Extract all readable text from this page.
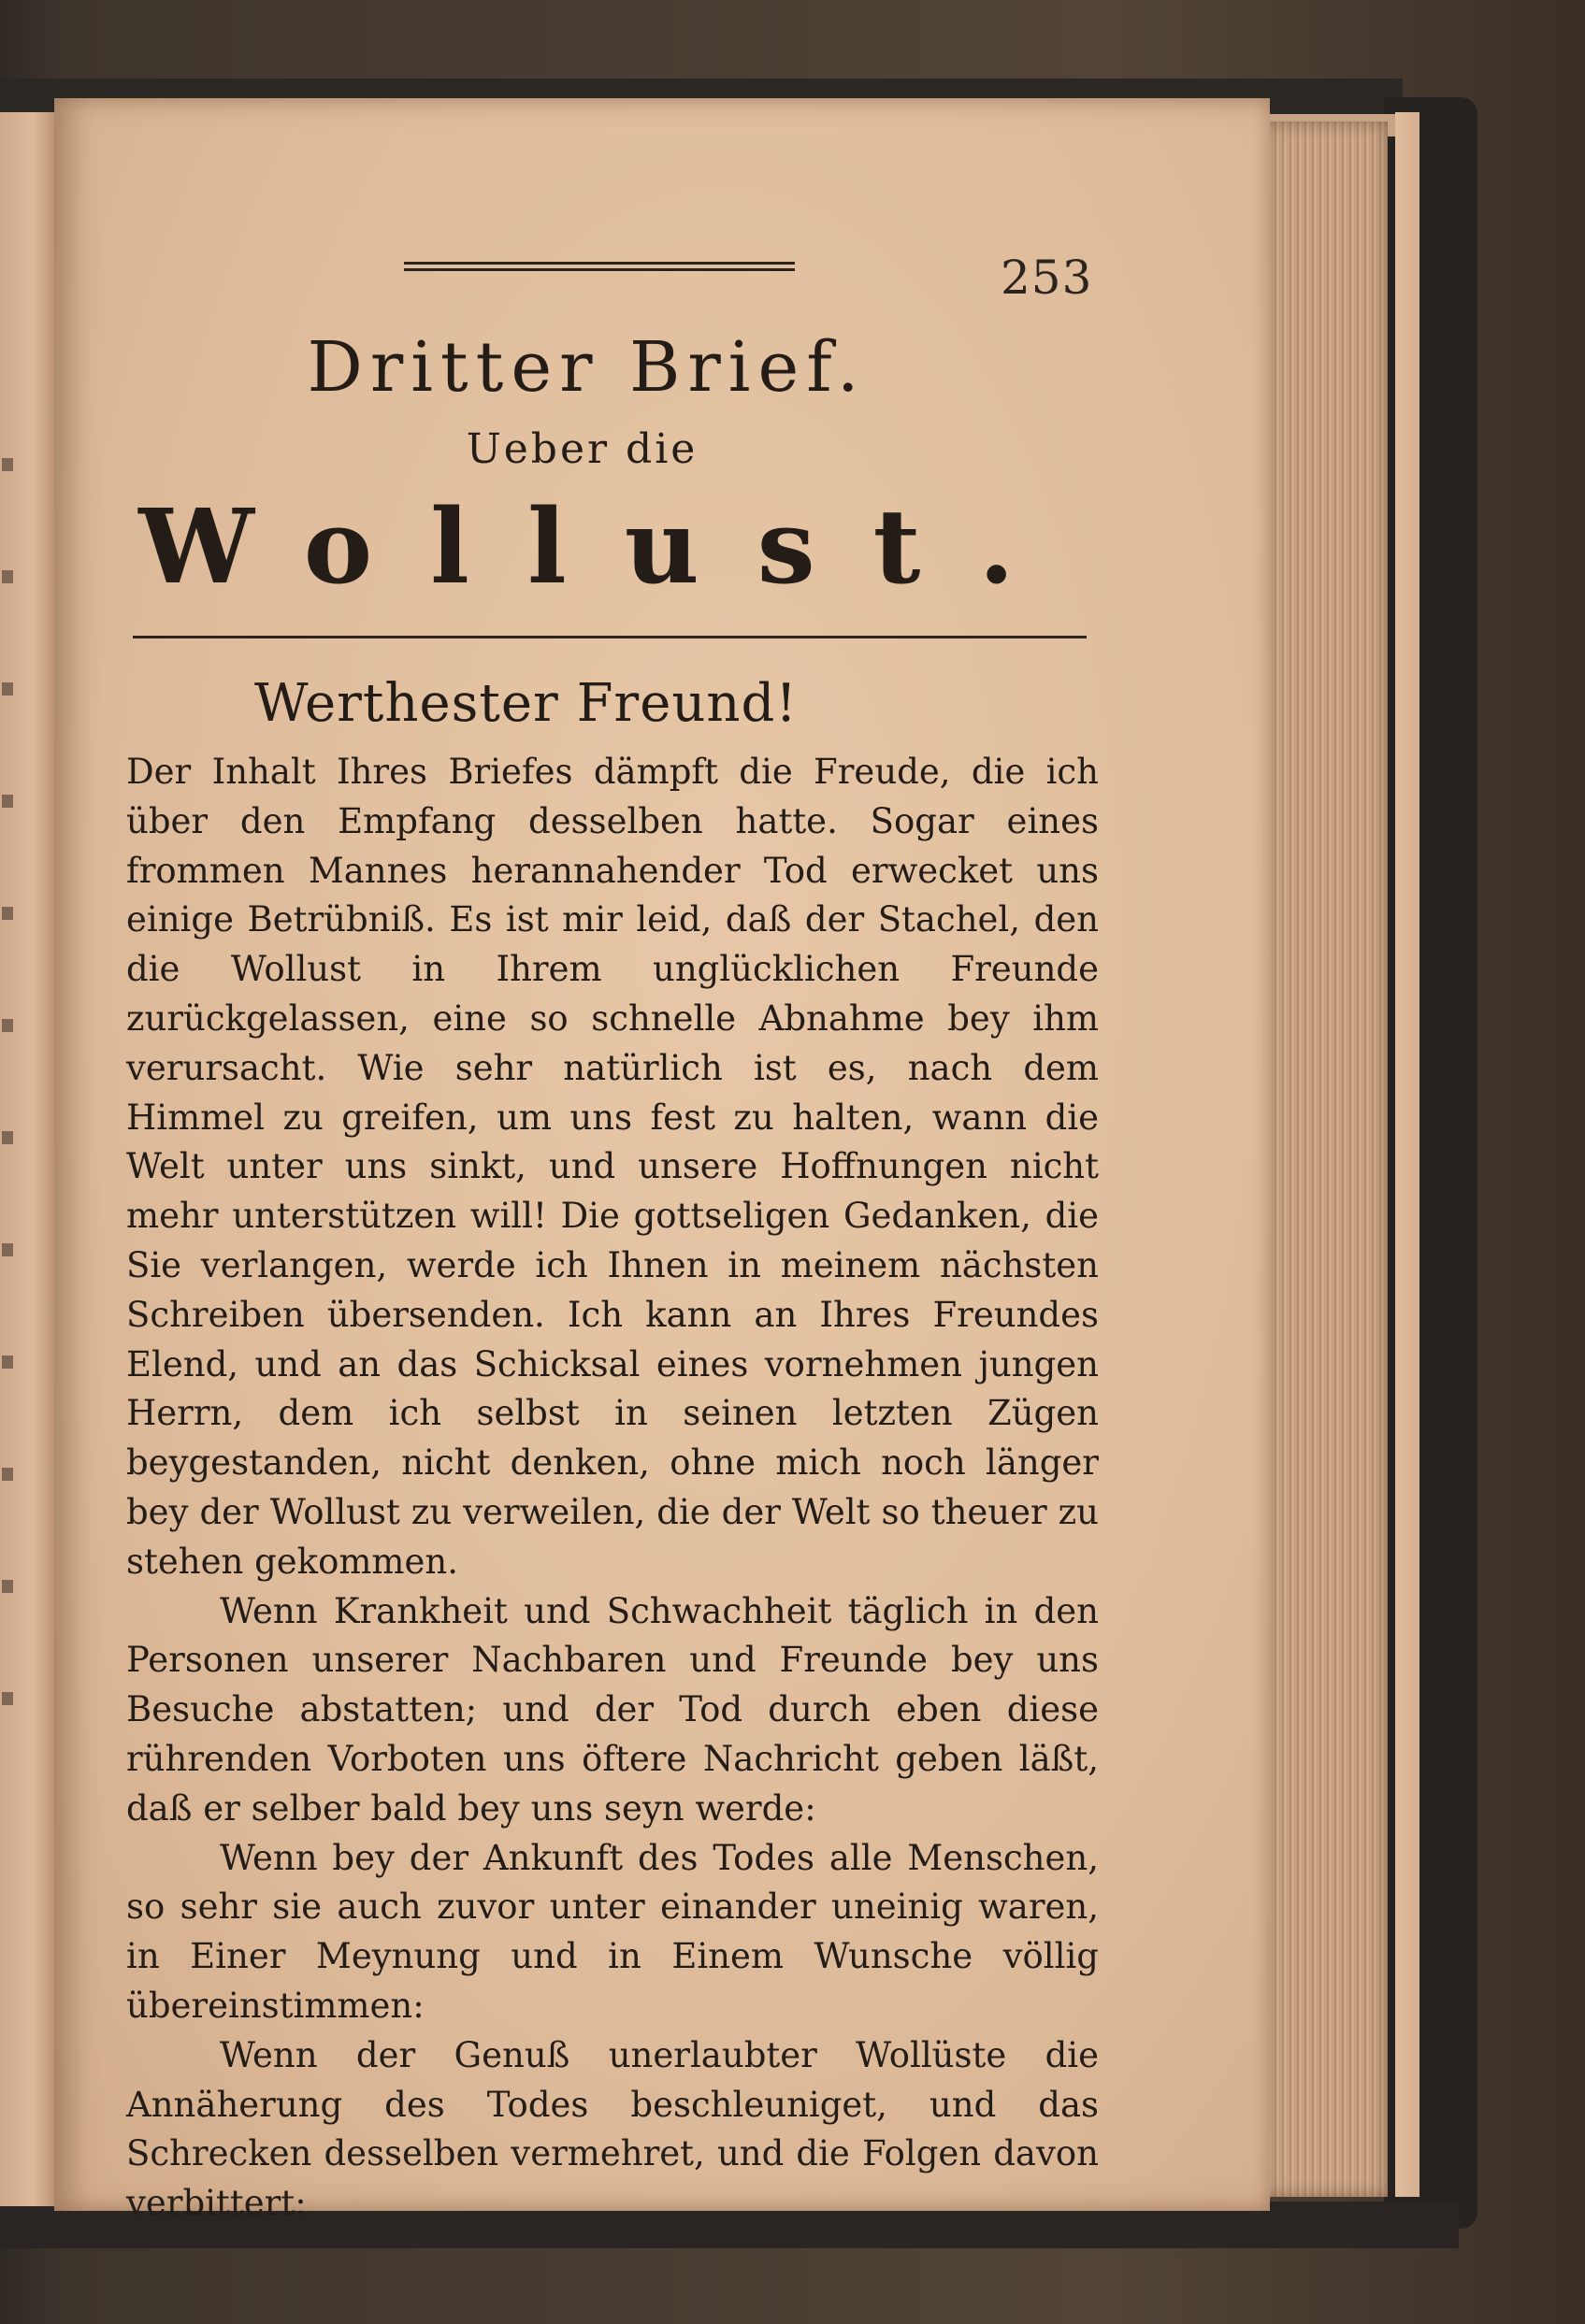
253
Dritter Brief.
Ueber die
Wollust.
Werthester Freund!

Der Inhalt Ihres Briefes dämpft die Freude, die ich über den Empfang desselben hatte. Sogar eines frommen Mannes herannahender Tod erwecket uns einige Betrübniß. Es ist mir leid, daß der Stachel, den die Wollust in Ihrem unglücklichen Freunde zurückgelassen, eine so schnelle Abnahme bey ihm verursacht. Wie sehr natürlich ist es, nach dem Himmel zu greifen, um uns fest zu halten, wann die Welt unter uns sinkt, und unsere Hoffnungen nicht mehr unterstützen will! Die gottseligen Gedanken, die Sie verlangen, werde ich Ihnen in meinem nächsten Schreiben übersenden. Ich kann an Ihres Freundes Elend, und an das Schicksal eines vornehmen jungen Herrn, dem ich selbst in seinen letzten Zügen beygestanden, nicht denken, ohne mich noch länger bey der Wollust zu verweilen, die der Welt so theuer zu stehen gekommen.

Wenn Krankheit und Schwachheit täglich in den Personen unserer Nachbaren und Freunde bey uns Besuche abstatten; und der Tod durch eben diese rührenden Vorboten uns öftere Nachricht geben läßt, daß er selber bald bey uns seyn werde:

Wenn bey der Ankunft des Todes alle Menschen, so sehr sie auch zuvor unter einander uneinig waren, in Einer Meynung und in Einem Wunsche völlig übereinstimmen:

Wenn der Genuß unerlaubter Wollüste die Annäherung des Todes beschleuniget, und das Schrecken desselben vermehret, und die Folgen davon verbittert:
